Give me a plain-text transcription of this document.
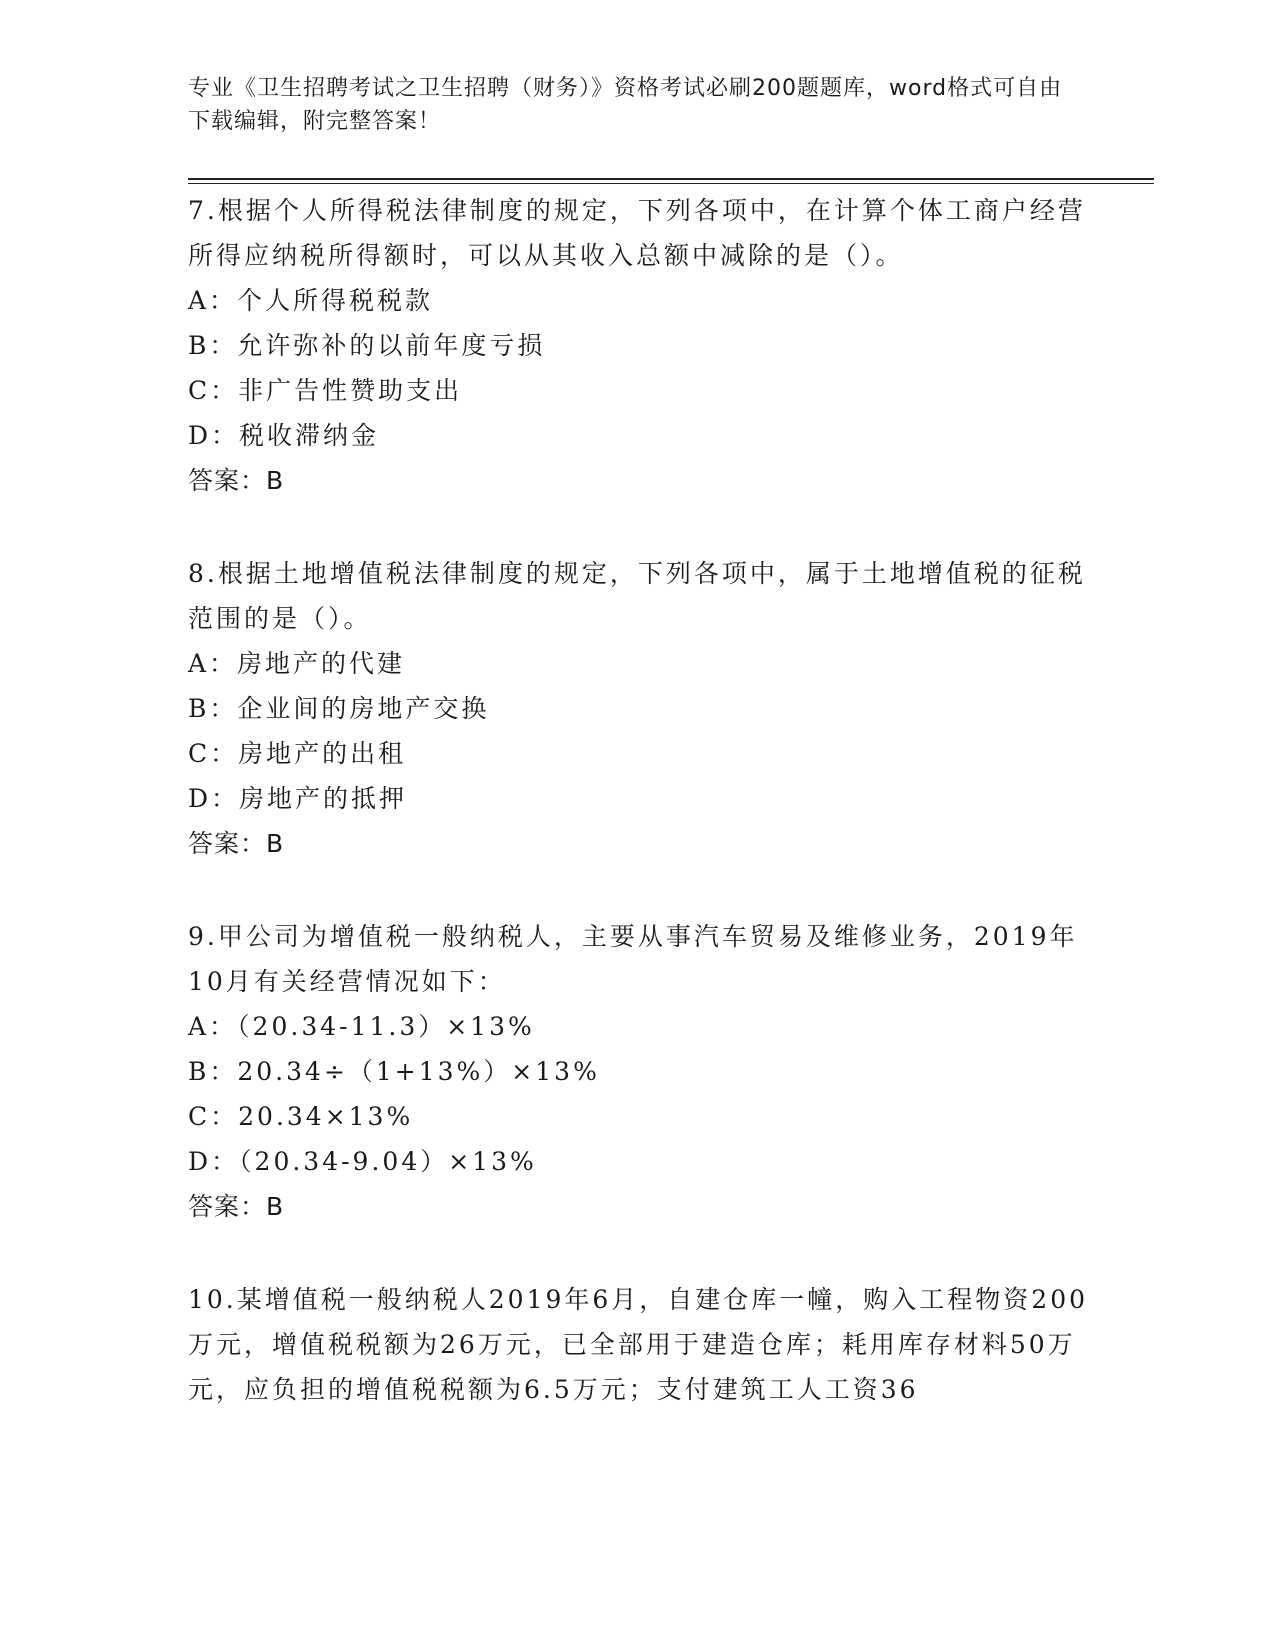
专业《卫生招聘考试之卫生招聘（财务）》资格考试必刷200题题库，word格式可自由下载编辑，附完整答案！

7.根据个人所得税法律制度的规定，下列各项中，在计算个体工商户经营所得应纳税所得额时，可以从其收入总额中减除的是（）。

A：个人所得税税款

B：允许弥补的以前年度亏损

C：非广告性赞助支出

D：税收滞纳金

答案：B

8.根据土地增值税法律制度的规定，下列各项中，属于土地增值税的征税范围的是（）。

A：房地产的代建

B：企业间的房地产交换

C：房地产的出租

D：房地产的抵押

答案：B

9.甲公司为增值税一般纳税人，主要从事汽车贸易及维修业务，2019年10月有关经营情况如下：

A：（20.34-11.3）×13%

B：20.34÷（1+13%）×13%

C：20.34×13%

D：（20.34-9.04）×13%

答案：B

10.某增值税一般纳税人2019年6月，自建仓库一幢，购入工程物资200万元，增值税税额为26万元，已全部用于建造仓库；耗用库存材料50万元，应负担的增值税税额为6.5万元；支付建筑工人工资36
